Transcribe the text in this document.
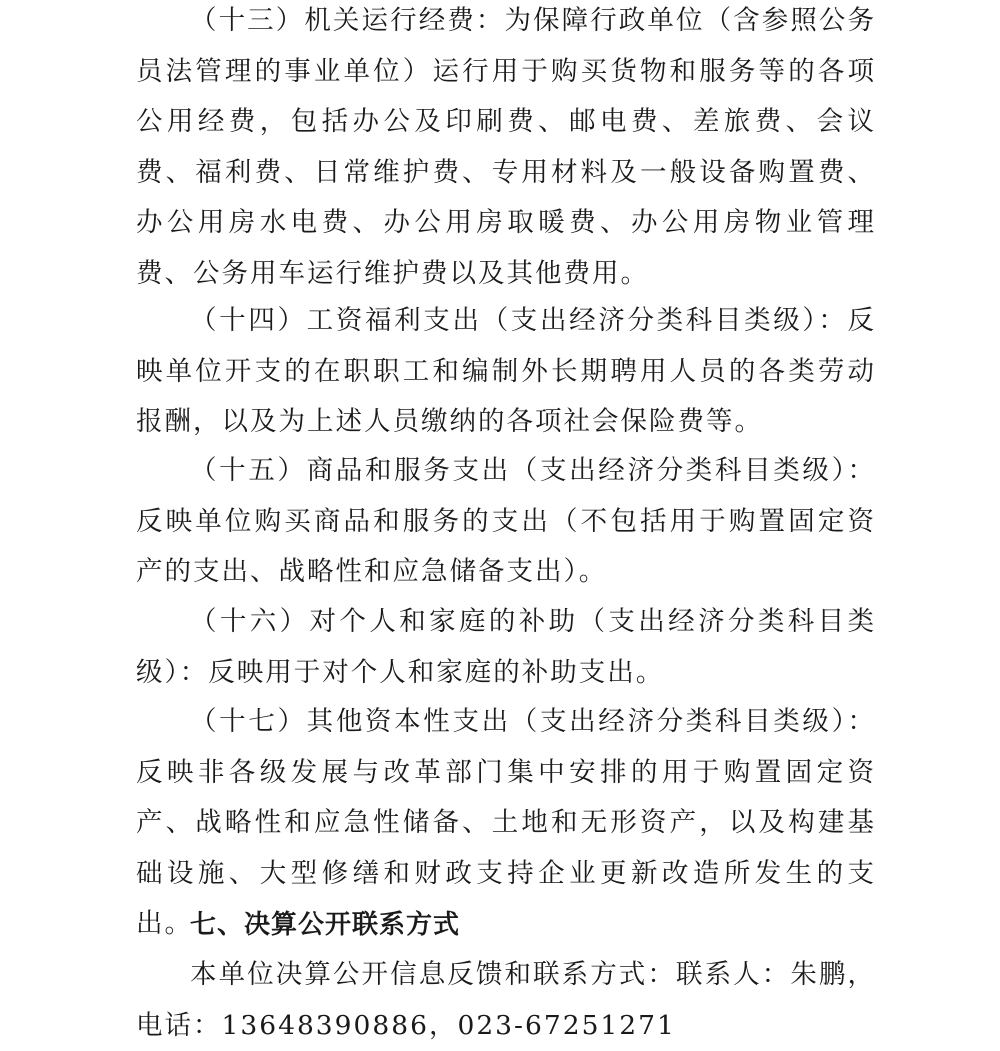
（十三）机关运行经费：为保障行政单位（含参照公务员法管理的事业单位）运行用于购买货物和服务等的各项公用经费，包括办公及印刷费、邮电费、差旅费、会议费、福利费、日常维护费、专用材料及一般设备购置费、办公用房水电费、办公用房取暖费、办公用房物业管理费、公务用车运行维护费以及其他费用。

（十四）工资福利支出（支出经济分类科目类级）：反映单位开支的在职职工和编制外长期聘用人员的各类劳动报酬，以及为上述人员缴纳的各项社会保险费等。

（十五）商品和服务支出（支出经济分类科目类级）：反映单位购买商品和服务的支出（不包括用于购置固定资产的支出、战略性和应急储备支出）。

（十六）对个人和家庭的补助（支出经济分类科目类级）：反映用于对个人和家庭的补助支出。

（十七）其他资本性支出（支出经济分类科目类级）：反映非各级发展与改革部门集中安排的用于购置固定资产、战略性和应急性储备、土地和无形资产，以及构建基础设施、大型修缮和财政支持企业更新改造所发生的支出。

七、决算公开联系方式

本单位决算公开信息反馈和联系方式：联系人：朱鹏，电话：13648390886，023-67251271
